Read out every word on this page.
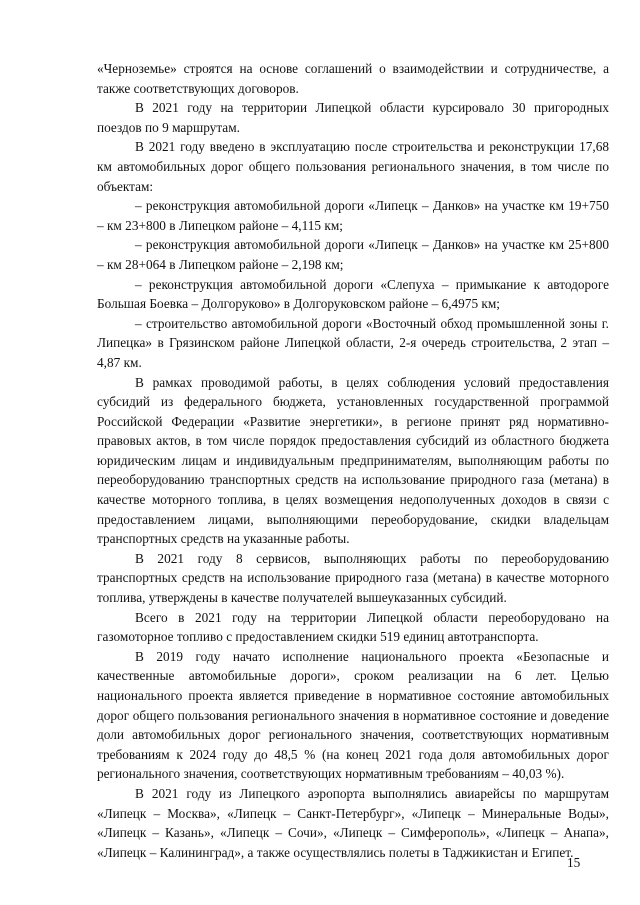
«Черноземье» строятся на основе соглашений о взаимодействии и сотрудничестве, а также соответствующих договоров.

В 2021 году на территории Липецкой области курсировало 30 пригородных поездов по 9 маршрутам.

В 2021 году введено в эксплуатацию после строительства и реконструкции 17,68 км автомобильных дорог общего пользования регионального значения, в том числе по объектам:

– реконструкция автомобильной дороги «Липецк – Данков» на участке км 19+750 – км 23+800 в Липецком районе – 4,115 км;

– реконструкция автомобильной дороги «Липецк – Данков» на участке км 25+800 – км 28+064 в Липецком районе – 2,198 км;

– реконструкция автомобильной дороги «Слепуха – примыкание к автодороге Большая Боевка – Долгоруково» в Долгоруковском районе – 6,4975 км;

– строительство автомобильной дороги «Восточный обход промышленной зоны г. Липецка» в Грязинском районе Липецкой области, 2-я очередь строительства, 2 этап – 4,87 км.

В рамках проводимой работы, в целях соблюдения условий предоставления субсидий из федерального бюджета, установленных государственной программой Российской Федерации «Развитие энергетики», в регионе принят ряд нормативно-правовых актов, в том числе порядок предоставления субсидий из областного бюджета юридическим лицам и индивидуальным предпринимателям, выполняющим работы по переоборудованию транспортных средств на использование природного газа (метана) в качестве моторного топлива, в целях возмещения недополученных доходов в связи с предоставлением лицами, выполняющими переоборудование, скидки владельцам транспортных средств на указанные работы.

В 2021 году 8 сервисов, выполняющих работы по переоборудованию транспортных средств на использование природного газа (метана) в качестве моторного топлива, утверждены в качестве получателей вышеуказанных субсидий.

Всего в 2021 году на территории Липецкой области переоборудовано на газомоторное топливо с предоставлением скидки 519 единиц автотранспорта.

В 2019 году начато исполнение национального проекта «Безопасные и качественные автомобильные дороги», сроком реализации на 6 лет. Целью национального проекта является приведение в нормативное состояние автомобильных дорог общего пользования регионального значения в нормативное состояние и доведение доли автомобильных дорог регионального значения, соответствующих нормативным требованиям к 2024 году до 48,5 % (на конец 2021 года доля автомобильных дорог регионального значения, соответствующих нормативным требованиям – 40,03 %).

В 2021 году из Липецкого аэропорта выполнялись авиарейсы по маршрутам «Липецк – Москва», «Липецк – Санкт-Петербург», «Липецк – Минеральные Воды», «Липецк – Казань», «Липецк – Сочи», «Липецк – Симферополь», «Липецк – Анапа», «Липецк – Калининград», а также осуществлялись полеты в Таджикистан и Египет.

15
